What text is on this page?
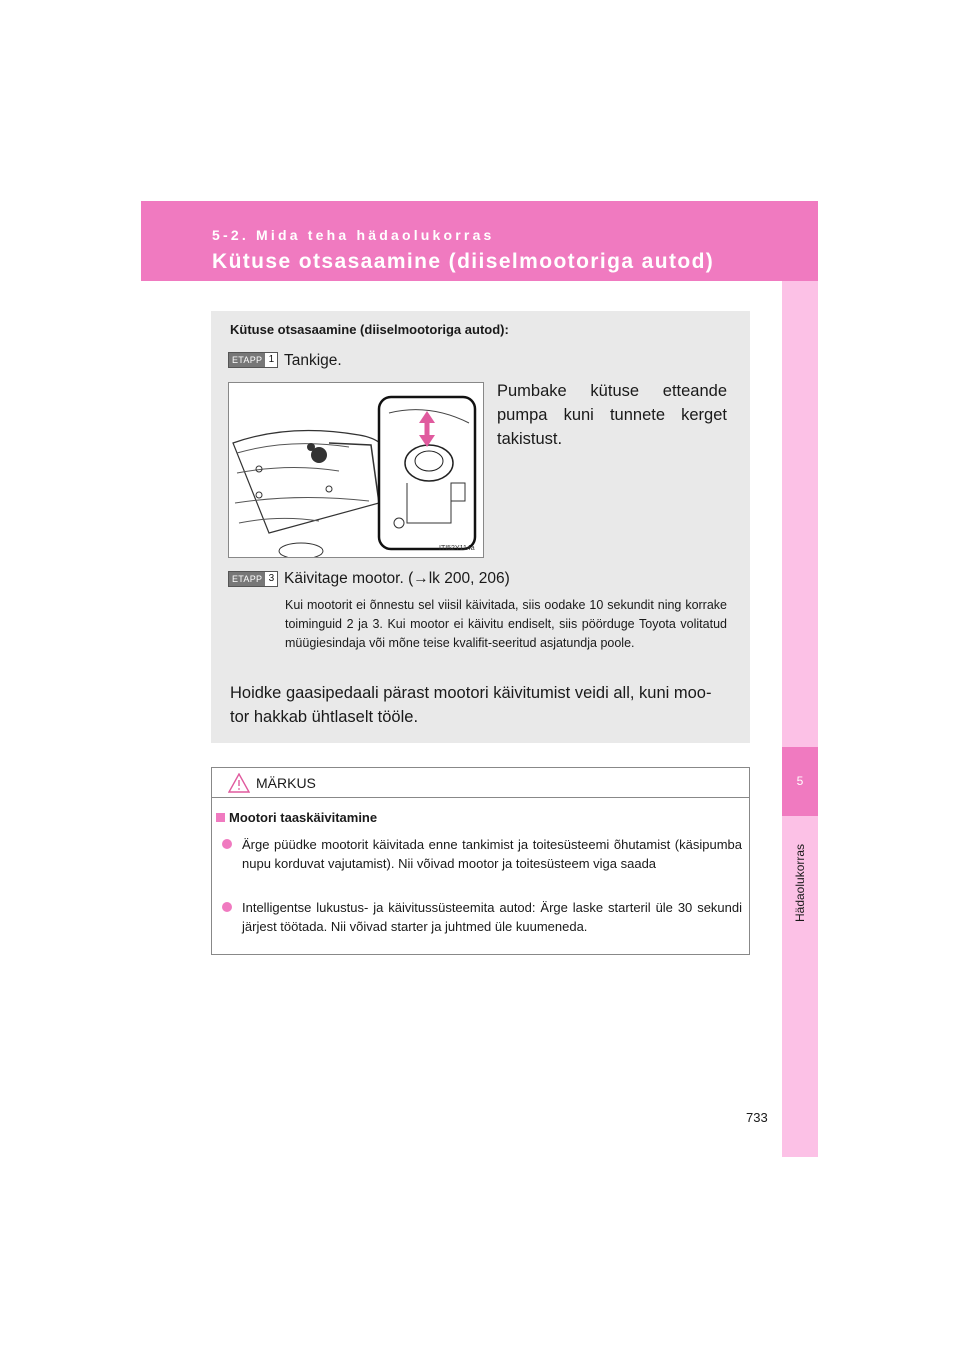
5-2. Mida teha hädaolukorras
Kütuse otsasaamine (diiselmootoriga autod)
5
Hädaolukorras
Kütuse otsasaamine (diiselmootoriga autod):
ETAPP 1 Tankige.
Pumbake kütuse etteande pumpa kuni tunnete kerget takistust.
ITI52Y114a
ETAPP 3 Käivitage mootor. (→lk 200, 206)
Kui mootorit ei õnnestu sel viisil käivitada, siis oodake 10 sekundit ning korrake toiminguid 2 ja 3. Kui mootor ei käivitu endiselt, siis pöörduge Toyota volitatud müügiesindaja või mõne teise kvalifit-seeritud asjatundja poole.
Hoidke gaasipedaali pärast mootori käivitumist veidi all, kuni moo-tor hakkab ühtlaselt tööle.
MÄRKUS
Mootori taaskäivitamine
Ärge püüdke mootorit käivitada enne tankimist ja toitesüsteemi õhutamist (käsipumba nupu korduvat vajutamist). Nii võivad mootor ja toitesüsteem viga saada
Intelligentse lukustus- ja käivitussüsteemita autod: Ärge laske starteril üle 30 sekundi järjest töötada. Nii võivad starter ja juhtmed üle kuumeneda.
733
